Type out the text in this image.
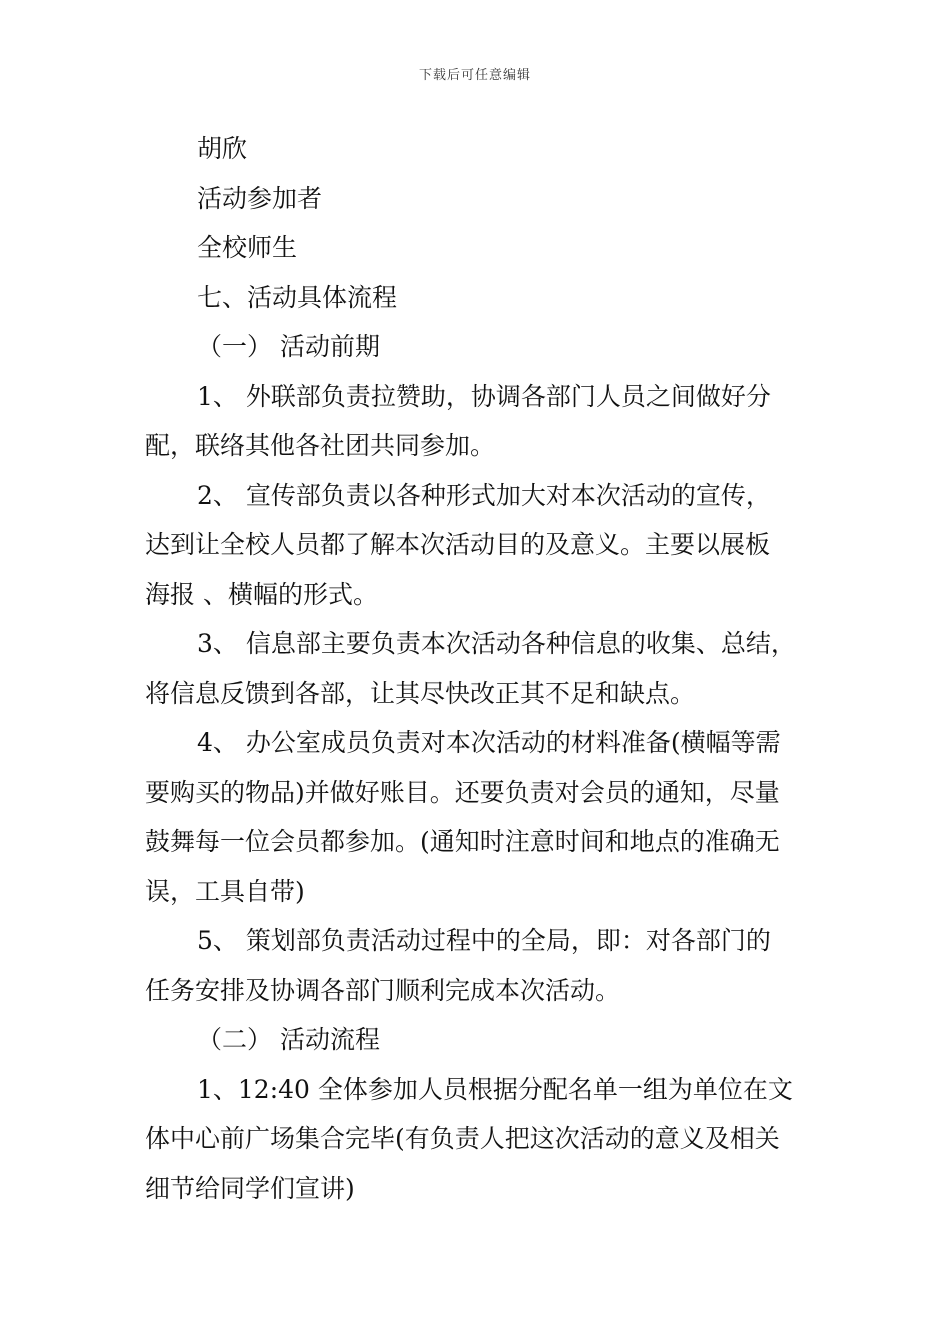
下载后可任意编辑
胡欣
活动参加者
全校师生
七、活动具体流程
（一） 活动前期
1、 外联部负责拉赞助，协调各部门人员之间做好分
配，联络其他各社团共同参加。
2、 宣传部负责以各种形式加大对本次活动的宣传，
达到让全校人员都了解本次活动目的及意义。主要以展板
海报 、横幅的形式。
3、 信息部主要负责本次活动各种信息的收集、总结，
将信息反馈到各部，让其尽快改正其不足和缺点。
4、 办公室成员负责对本次活动的材料准备(横幅等需
要购买的物品)并做好账目。还要负责对会员的通知，尽量
鼓舞每一位会员都参加。(通知时注意时间和地点的准确无
误，工具自带)
5、 策划部负责活动过程中的全局，即：对各部门的
任务安排及协调各部门顺利完成本次活动。
（二） 活动流程
1、12:40 全体参加人员根据分配名单一组为单位在文
体中心前广场集合完毕(有负责人把这次活动的意义及相关
细节给同学们宣讲)
